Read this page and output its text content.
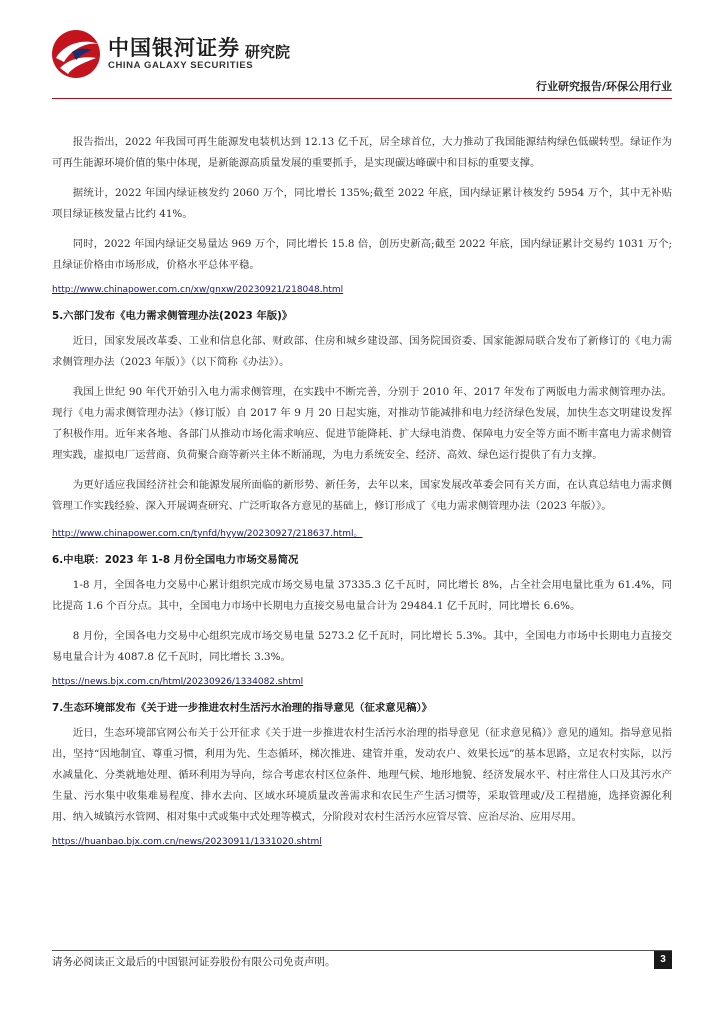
中国银河证券
CHINA GALAXY SECURITIES
研究院
行业研究报告/环保公用行业

报告指出，2022 年我国可再生能源发电装机达到 12.13 亿千瓦，居全球首位，大力推动了我国能源结构绿色低碳转型。绿证作为可再生能源环境价值的集中体现，是新能源高质量发展的重要抓手，是实现碳达峰碳中和目标的重要支撑。

据统计，2022 年国内绿证核发约 2060 万个，同比增长 135%;截至 2022 年底，国内绿证累计核发约 5954 万个，其中无补贴项目绿证核发量占比约 41%。

同时，2022 年国内绿证交易量达 969 万个，同比增长 15.8 倍，创历史新高;截至 2022 年底，国内绿证累计交易约 1031 万个;且绿证价格由市场形成，价格水平总体平稳。

http://www.chinapower.com.cn/xw/gnxw/20230921/218048.html
5.六部门发布《电力需求侧管理办法(2023 年版)》

近日，国家发展改革委、工业和信息化部、财政部、住房和城乡建设部、国务院国资委、国家能源局联合发布了新修订的《电力需求侧管理办法（2023 年版）》（以下简称《办法》）。

我国上世纪 90 年代开始引入电力需求侧管理，在实践中不断完善，分别于 2010 年、2017 年发布了两版电力需求侧管理办法。现行《电力需求侧管理办法》（修订版）自 2017 年 9 月 20 日起实施，对推动节能减排和电力经济绿色发展，加快生态文明建设发挥了积极作用。近年来各地、各部门从推动市场化需求响应、促进节能降耗、扩大绿电消费、保障电力安全等方面不断丰富电力需求侧管理实践，虚拟电厂运营商、负荷聚合商等新兴主体不断涌现，为电力系统安全、经济、高效、绿色运行提供了有力支撑。

为更好适应我国经济社会和能源发展所面临的新形势、新任务，去年以来，国家发展改革委会同有关方面，在认真总结电力需求侧管理工作实践经验、深入开展调查研究、广泛听取各方意见的基础上，修订形成了《电力需求侧管理办法（2023 年版）》。

http://www.chinapower.com.cn/tynfd/hyyw/20230927/218637.html。
6.中电联：2023 年 1-8 月份全国电力市场交易简况

1-8 月，全国各电力交易中心累计组织完成市场交易电量 37335.3 亿千瓦时，同比增长 8%，占全社会用电量比重为 61.4%，同比提高 1.6 个百分点。其中，全国电力市场中长期电力直接交易电量合计为 29484.1 亿千瓦时，同比增长 6.6%。

8 月份，全国各电力交易中心组织完成市场交易电量 5273.2 亿千瓦时，同比增长 5.3%。其中，全国电力市场中长期电力直接交易电量合计为 4087.8 亿千瓦时，同比增长 3.3%。

https://news.bjx.com.cn/html/20230926/1334082.shtml
7.生态环境部发布《关于进一步推进农村生活污水治理的指导意见（征求意见稿）》

近日，生态环境部官网公布关于公开征求《关于进一步推进农村生活污水治理的指导意见（征求意见稿）》意见的通知。指导意见指出，坚持“因地制宜、尊重习惯，利用为先、生态循环，梯次推进、建管并重，发动农户、效果长远”的基本思路，立足农村实际，以污水减量化、分类就地处理、循环利用为导向，综合考虑农村区位条件、地理气候、地形地貌、经济发展水平、村庄常住人口及其污水产生量、污水集中收集难易程度、排水去向、区域水环境质量改善需求和农民生产生活习惯等，采取管理或/及工程措施，选择资源化利用、纳入城镇污水管网、相对集中式或集中式处理等模式，分阶段对农村生活污水应管尽管、应治尽治、应用尽用。

https://huanbao.bjx.com.cn/news/20230911/1331020.shtml
请务必阅读正文最后的中国银河证券股份有限公司免责声明。	3
